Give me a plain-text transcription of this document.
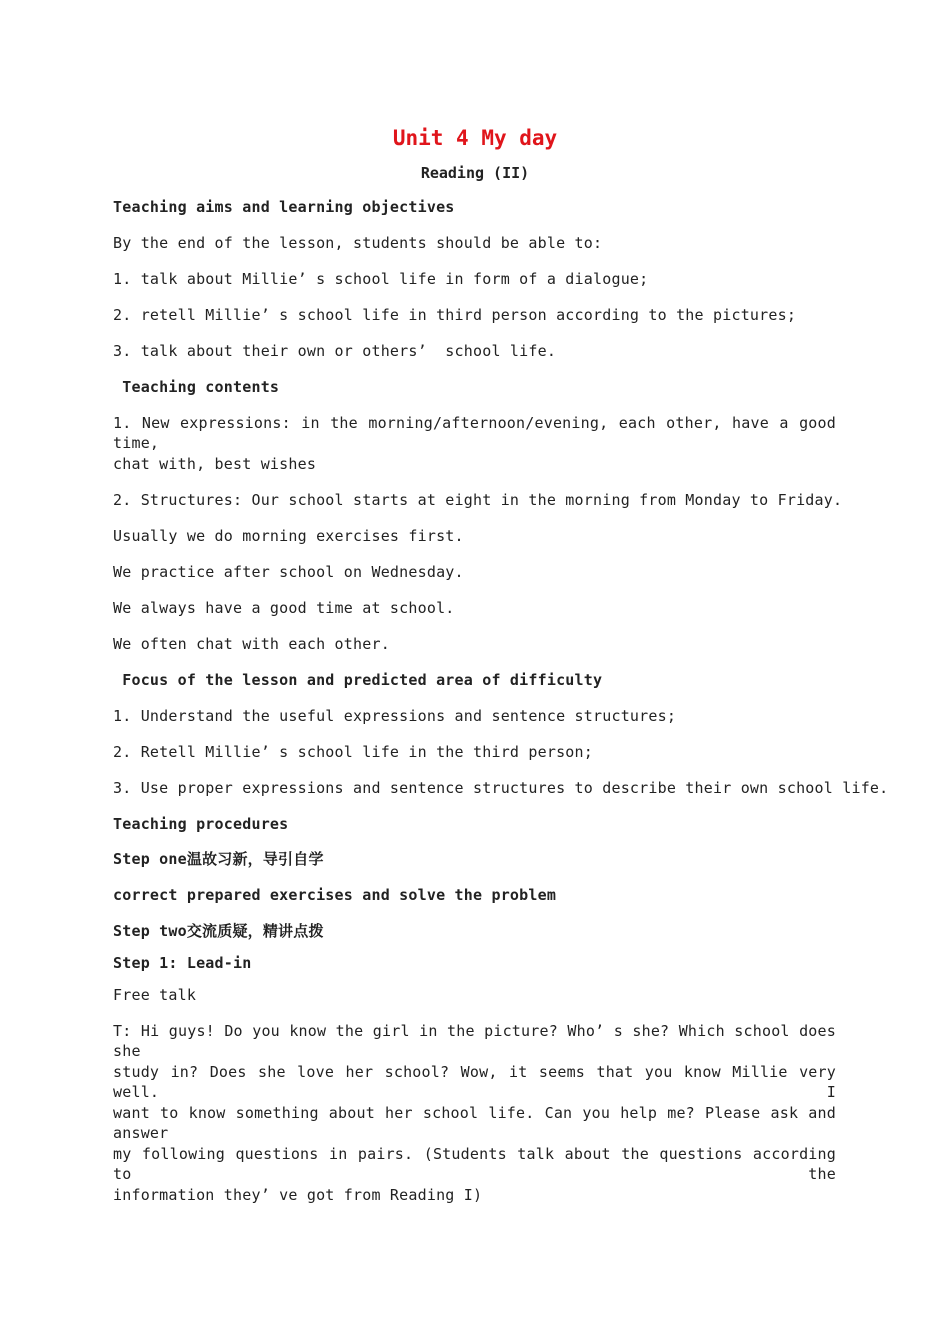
Unit 4 My day
Reading (II)
Teaching aims and learning objectives
By the end of the lesson, students should be able to:
1. talk about Millie’ s school life in form of a dialogue;
2. retell Millie’ s school life in third person according to the pictures;
3. talk about their own or others’  school life.
Teaching contents
1. New expressions: in the morning/afternoon/evening, each other, have a good time,
chat with, best wishes
2. Structures: Our school starts at eight in the morning from Monday to Friday.
Usually we do morning exercises first.
We practice after school on Wednesday.
We always have a good time at school.
We often chat with each other.
Focus of the lesson and predicted area of difficulty
1. Understand the useful expressions and sentence structures;
2. Retell Millie’ s school life in the third person;
3. Use proper expressions and sentence structures to describe their own school life.
Teaching procedures
Step one温故习新，导引自学
correct prepared exercises and solve the problem
Step two交流质疑，精讲点拨
Step 1: Lead-in
Free talk
T: Hi guys! Do you know the girl in the picture? Who’ s she? Which school does she
study in? Does she love her school? Wow, it seems that you know Millie very well. I
want to know something about her school life. Can you help me? Please ask and answer
my following questions in pairs. (Students talk about the questions according to the
information they’ ve got from Reading I)
